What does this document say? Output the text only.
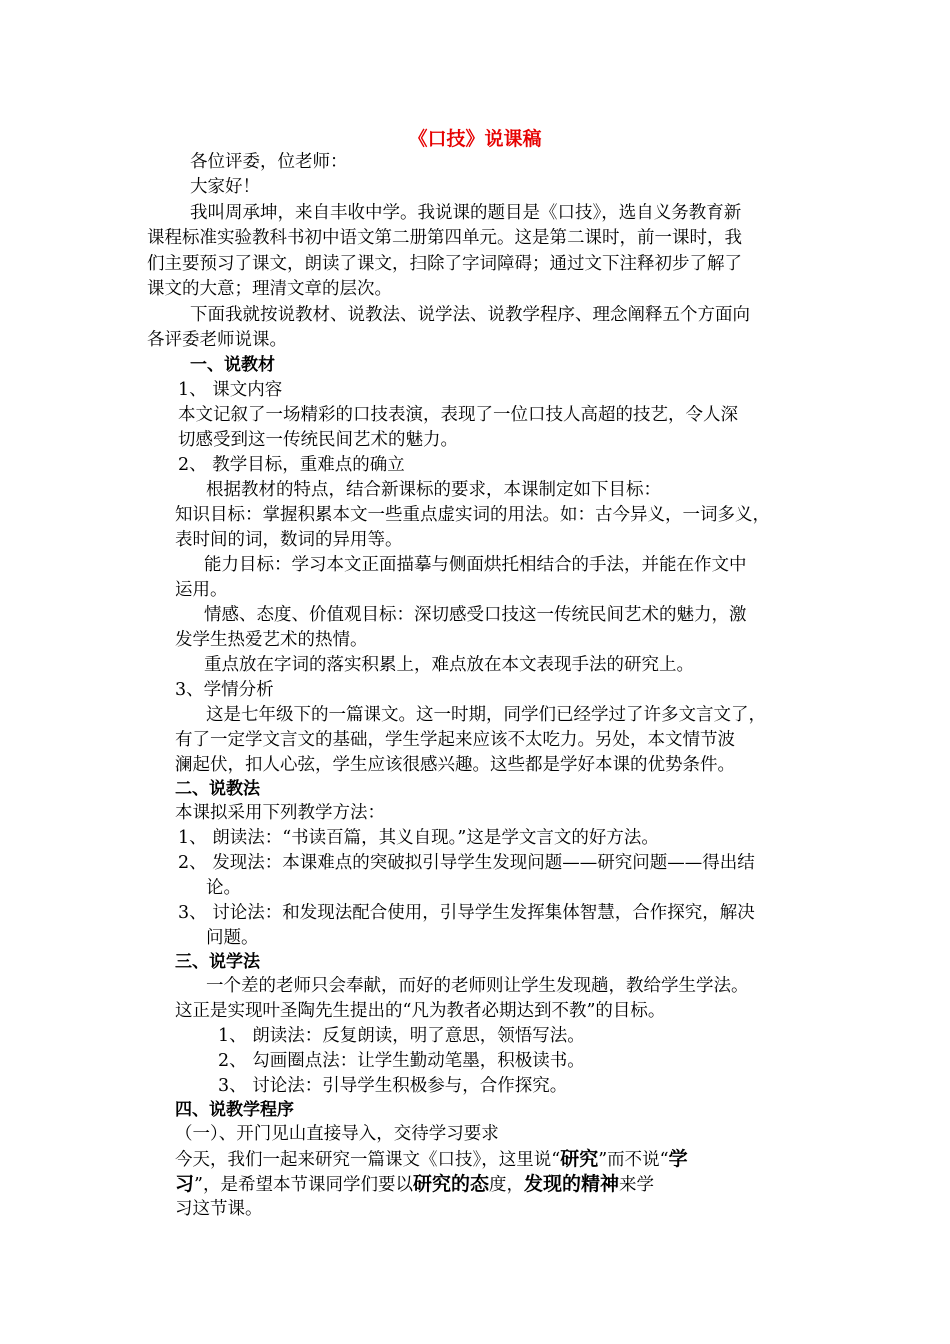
《口技》说课稿
各位评委，位老师：
大家好！
我叫周承坤，来自丰收中学。我说课的题目是《口技》，选自义务教育新
课程标准实验教科书初中语文第二册第四单元。这是第二课时，前一课时，我
们主要预习了课文，朗读了课文，扫除了字词障碍；通过文下注释初步了解了
课文的大意；理清文章的层次。
下面我就按说教材、说教法、说学法、说教学程序、理念阐释五个方面向
各评委老师说课。
一、说教材
1、 课文内容
本文记叙了一场精彩的口技表演，表现了一位口技人高超的技艺，令人深
切感受到这一传统民间艺术的魅力。
2、 教学目标，重难点的确立
根据教材的特点，结合新课标的要求，本课制定如下目标：
知识目标：掌握积累本文一些重点虚实词的用法。如：古今异义，一词多义，
表时间的词，数词的异用等。
能力目标：学习本文正面描摹与侧面烘托相结合的手法，并能在作文中
运用。
情感、态度、价值观目标：深切感受口技这一传统民间艺术的魅力，激
发学生热爱艺术的热情。
重点放在字词的落实积累上，难点放在本文表现手法的研究上。
3、学情分析
这是七年级下的一篇课文。这一时期，同学们已经学过了许多文言文了，
有了一定学文言文的基础，学生学起来应该不太吃力。另处，本文情节波
澜起伏，扣人心弦，学生应该很感兴趣。这些都是学好本课的优势条件。
二、说教法
本课拟采用下列教学方法：
1、 朗读法：“书读百篇，其义自现。”这是学文言文的好方法。
2、 发现法：本课难点的突破拟引导学生发现问题——研究问题——得出结
论。
3、 讨论法：和发现法配合使用，引导学生发挥集体智慧，合作探究，解决
问题。
三、说学法
一个差的老师只会奉献，而好的老师则让学生发现趟，教给学生学法。
这正是实现叶圣陶先生提出的“凡为教者必期达到不教”的目标。
1、 朗读法：反复朗读，明了意思，领悟写法。
2、 勾画圈点法：让学生勤动笔墨，积极读书。
3、 讨论法：引导学生积极参与，合作探究。
四、说教学程序
（一）、开门见山直接导入，交待学习要求
今天，我们一起来研究一篇课文《口技》，这里说“研究”而不说“学
习”，是希望本节课同学们要以研究的态度，发现的精神来学
习这节课。
